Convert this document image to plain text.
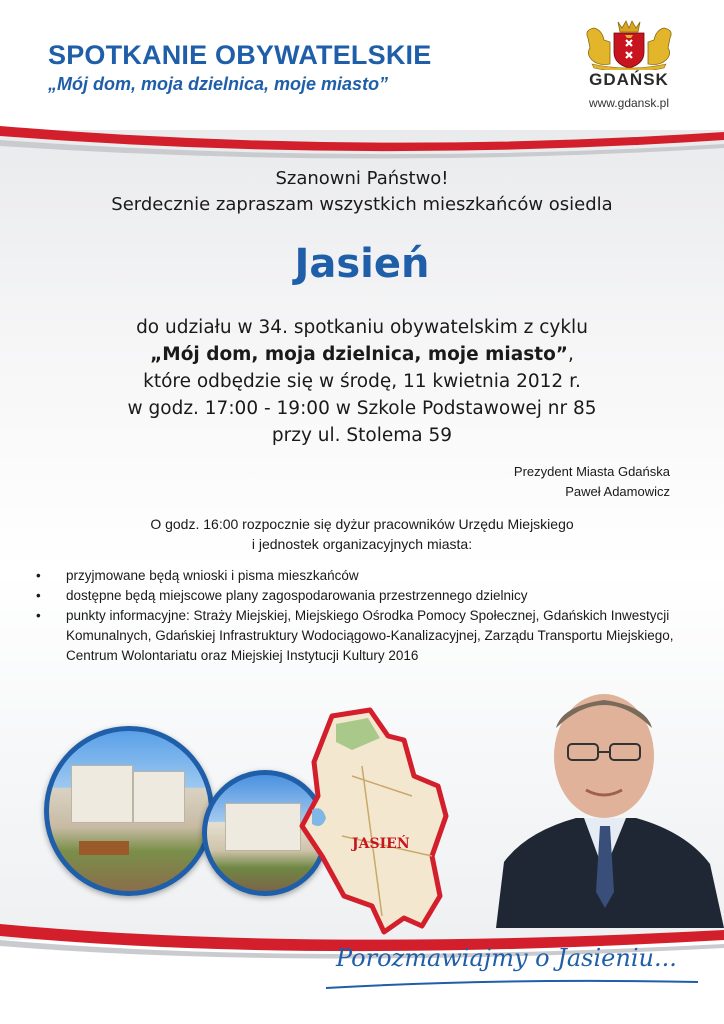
SPOTKANIE OBYWATELSKIE
„Mój dom, moja dzielnica, moje miasto”	GDAŃSK
www.gdansk.pl
Szanowni Państwo!
Serdecznie zapraszam wszystkich mieszkańców osiedla
Jasień
do udziału w 34. spotkaniu obywatelskim z cyklu
„Mój dom, moja dzielnica, moje miasto”,
które odbędzie się w środę, 11 kwietnia 2012 r.
w godz. 17:00 - 19:00 w Szkole Podstawowej nr 85
przy ul. Stolema 59
Prezydent Miasta Gdańska
Paweł Adamowicz
O godz. 16:00 rozpocznie się dyżur pracowników Urzędu Miejskiego
i jednostek organizacyjnych miasta:
• przyjmowane będą wnioski i pisma mieszkańców
• dostępne będą miejscowe plany zagospodarowania przestrzennego dzielnicy
• punkty informacyjne: Straży Miejskiej, Miejskiego Ośrodka Pomocy Społecznej, Gdańskich Inwestycji Komunalnych, Gdańskiej Infrastruktury Wodociągowo-Kanalizacyjnej, Zarządu Transportu Miejskiego, Centrum Wolontariatu oraz Miejskiej Instytucji Kultury 2016
JASIEŃ
Porozmawiajmy o Jasieniu...
